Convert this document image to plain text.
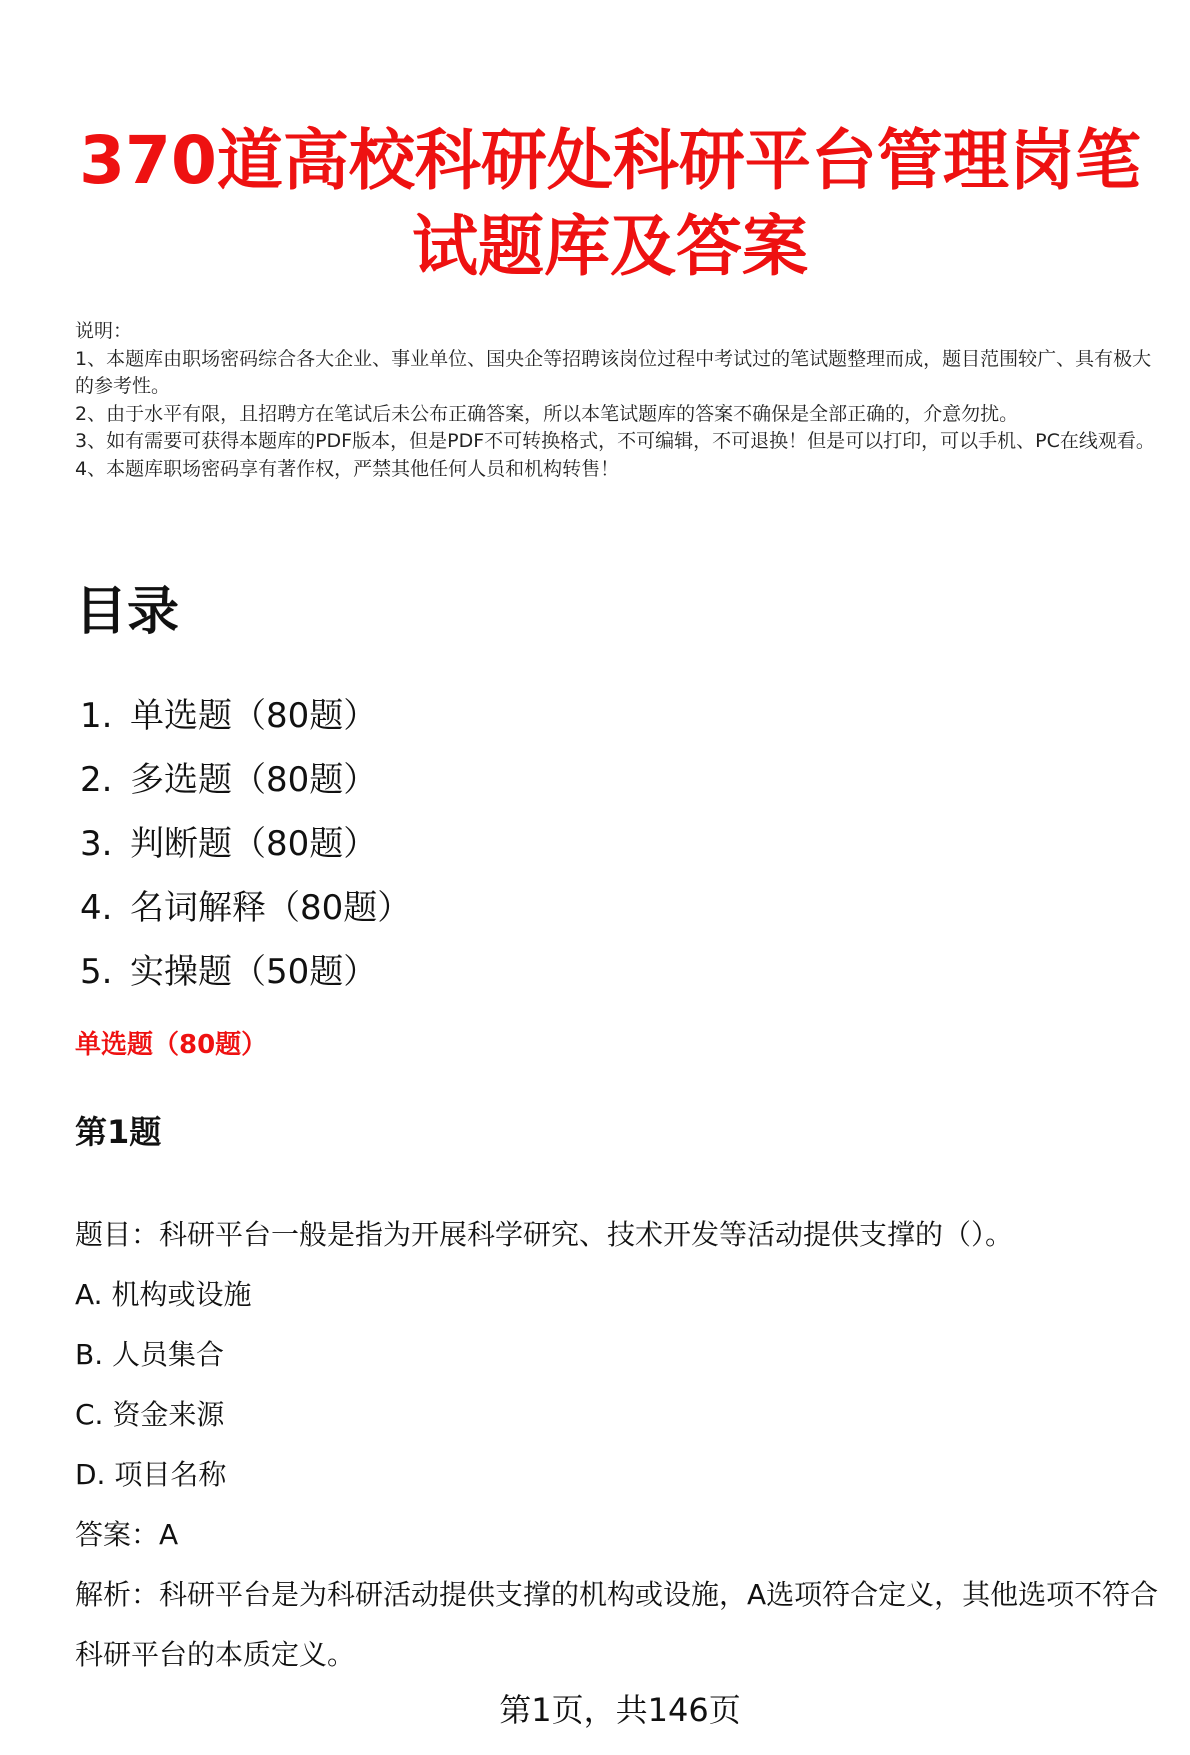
370道高校科研处科研平台管理岗笔试题库及答案
说明：
1、本题库由职场密码综合各大企业、事业单位、国央企等招聘该岗位过程中考试过的笔试题整理而成，题目范围较广、具有极大的参考性。
2、由于水平有限，且招聘方在笔试后未公布正确答案，所以本笔试题库的答案不确保是全部正确的，介意勿扰。
3、如有需要可获得本题库的PDF版本，但是PDF不可转换格式，不可编辑，不可退换！但是可以打印，可以手机、PC在线观看。
4、本题库职场密码享有著作权，严禁其他任何人员和机构转售！
目录
1. 单选题（80题）
2. 多选题（80题）
3. 判断题（80题）
4. 名词解释（80题）
5. 实操题（50题）
单选题（80题）
第1题
题目：科研平台一般是指为开展科学研究、技术开发等活动提供支撑的（）。
A. 机构或设施
B. 人员集合
C. 资金来源
D. 项目名称
答案：A
解析：科研平台是为科研活动提供支撑的机构或设施，A选项符合定义，其他选项不符合科研平台的本质定义。
第1页，共146页
